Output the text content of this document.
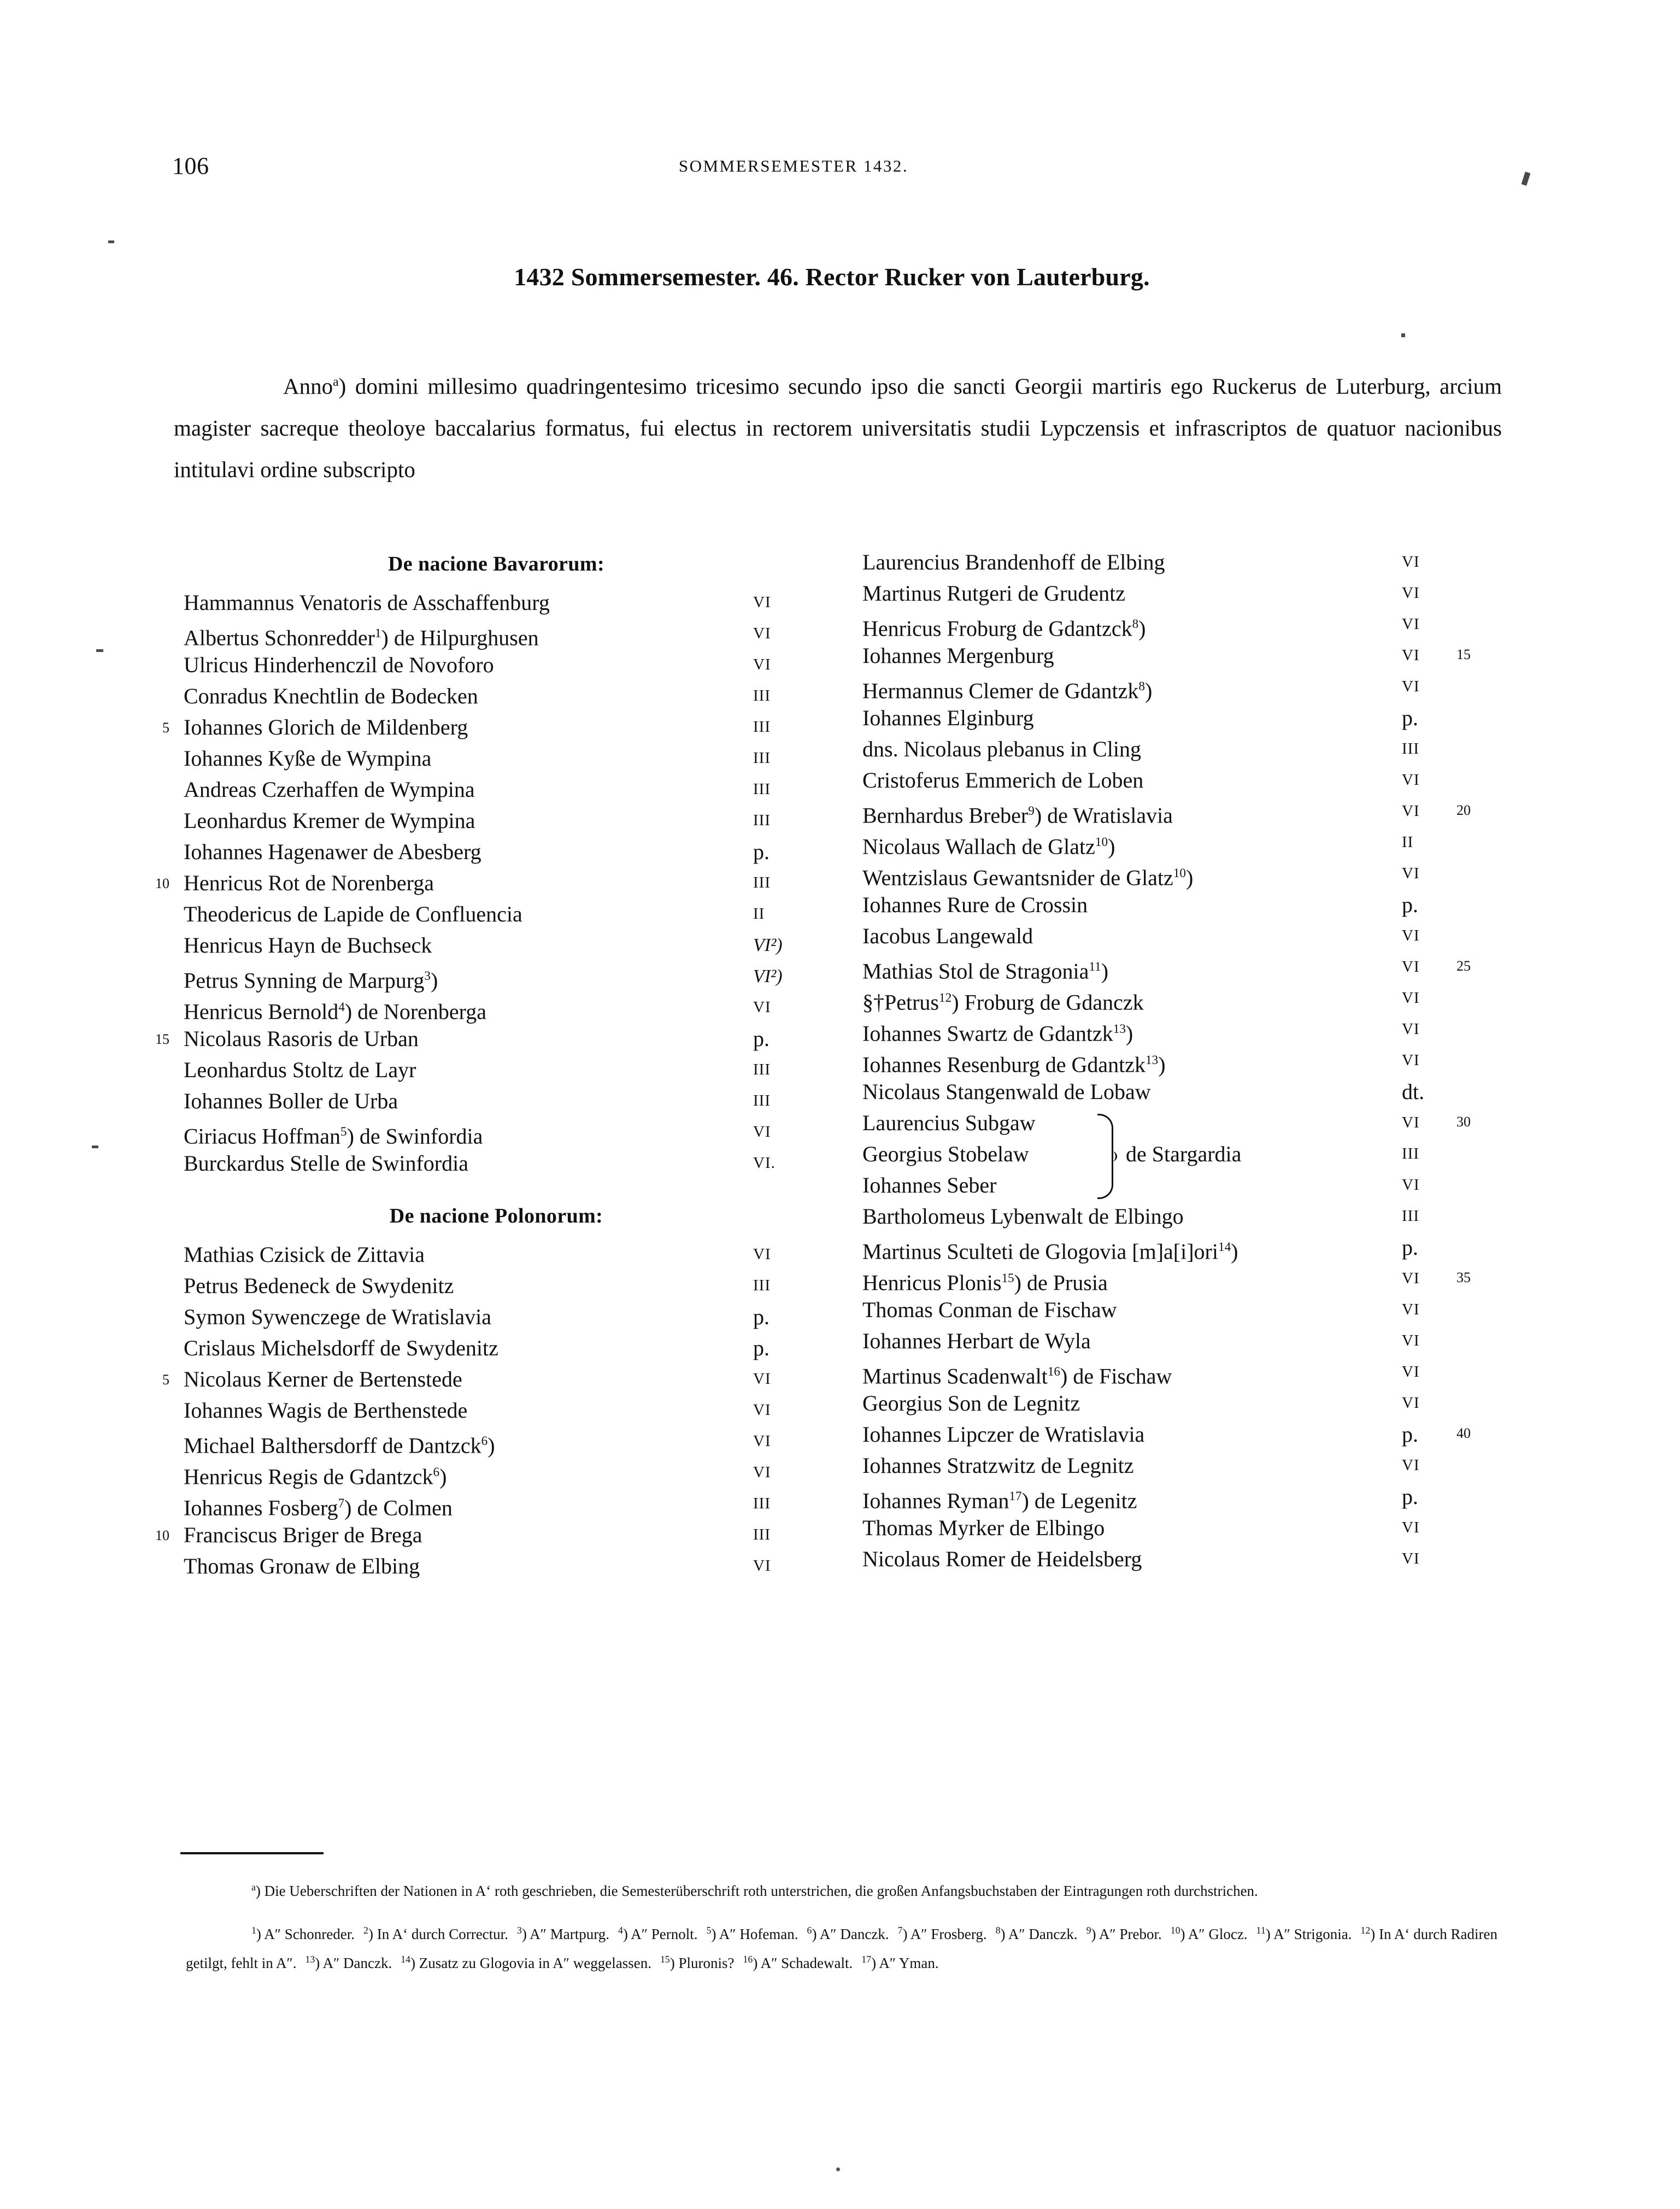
106	SOMMERSEMESTER 1432.
1432 Sommersemester. 46. Rector Rucker von Lauterburg.

Anno$^a$) domini millesimo quadringentesimo tricesimo secundo ipso die sancti Georgii martiris ego Ruckerus de Luterburg, arcium magister sacreque theoloye baccalarius formatus, fui electus in rectorem universitatis studii Lypczensis et infrascriptos de quatuor nacionibus intitulavi ordine subscripto

De nacione Bavarorum:
Hammannus Venatoris de Asschaffenburg	VI
Albertus Schonredder$^1$) de Hilpurghusen	VI
Ulricus Hinderhenczil de Novoforo	VI
Conradus Knechtlin de Bodecken	III
5 Iohannes Glorich de Mildenberg	III
Iohannes Kyße de Wympina	III
Andreas Czerhaffen de Wympina	III
Leonhardus Kremer de Wympina	III
Iohannes Hagenawer de Abesberg	p.
10 Henricus Rot de Norenberga	III
Theodericus de Lapide de Confluencia	II
Henricus Hayn de Buchseck	VI²)
Petrus Synning de Marpurg$^3$)	VI²)
Henricus Bernold$^4$) de Norenberga	VI
15 Nicolaus Rasoris de Urban	p.
Leonhardus Stoltz de Layr	III
Iohannes Boller de Urba	III
Ciriacus Hoffman$^5$) de Swinfordia	VI
Burckardus Stelle de Swinfordia	VI.
De nacione Polonorum:
Mathias Czisick de Zittavia	VI
Petrus Bedeneck de Swydenitz	III
Symon Sywenczege de Wratislavia	p.
Crislaus Michelsdorff de Swydenitz	p.
5 Nicolaus Kerner de Bertenstede	VI
Iohannes Wagis de Вerthenstede	VI
Michael Balthersdorff de Dantzck$^6$)	VI
Henricus Regis de Gdantzck$^6$)	VI
Iohannes Fosberg$^7$) de Colmen	III
10 Franciscus Briger de Brega	III
Thomas Gronaw de Elbing	VI
Laurencius Brandenhoff de Elbing	VI
Martinus Rutgeri de Grudentz	VI
Henricus Froburg de Gdantzck$^8$)	VI
Iohannes Mergenburg	VI	15
Hermannus Clemer de Gdantzk$^8$)	VI
Iohannes Elginburg	p.
dns. Nicolaus plebanus in Cling	III
Cristoferus Emmerich de Loben	VI
Bernhardus Breber$^9$) de Wratislavia	VI	20
Nicolaus Wallach de Glatz$^{10}$)	II
Wentzislaus Gewantsnider de Glatz$^{10}$)	VI
Iohannes Rure de Crossin	p.
Iacobus Langewald	VI
Mathias Stol de Stragonia$^{11}$)	VI	25
§†Petrus$^{12}$) Froburg de Gdanczk	VI
Iohannes Swartz de Gdantzk$^{13}$)	VI
Iohannes Resenburg de Gdantzk$^{13}$)	VI
Nicolaus Stangenwald de Lobaw	dt.
de Stargardia
Laurencius Subgaw	VI	30
Georgius Stobelaw	III
Iohannes Seber	VI
Bartholomeus Lybenwalt de Elbingo	III
Martinus Sculteti de Glogovia [m]a[i]ori$^{14}$)	p.
Henricus Plonis$^{15}$) de Prusia	VI	35
Thomas Conman de Fischaw	VI
Iohannes Herbart de Wyla	VI
Martinus Scadenwalt$^{16}$) de Fischaw	VI
Georgius Son de Legnitz	VI
Iohannes Lipczer de Wratislavia	p.	40
Iohannes Stratzwitz de Legnitz	VI
Iohannes Ryman$^{17}$) de Legenitz	p.
Thomas Myrker de Elbingo	VI
Nicolaus Romer de Heidelsberg	VI
$^a$) Die Ueberschriften der Nationen in A‘ roth geschrieben, die Semesterüberschrift roth unterstrichen, die großen Anfangsbuchstaben der Eintragungen roth durchstrichen.
$^1$) A″ Schonreder. $^2$) In A‘ durch Correctur. $^3$) A″ Martpurg. $^4$) A″ Pernolt. $^5$) A″ Hofeman. $^6$) A″ Danczk. $^7$) A″ Frosberg. $^8$) A″ Danczk. $^9$) A″ Prebor. $^{10}$) A″ Glocz. $^{11}$) A″ Strigonia. $^{12}$) In A‘ durch Radiren getilgt, fehlt in A″. $^{13}$) A″ Danczk. $^{14}$) Zusatz zu Glogovia in A″ weggelassen. $^{15}$) Pluronis? $^{16}$) A″ Schadewalt. $^{17}$) A″ Yman.
